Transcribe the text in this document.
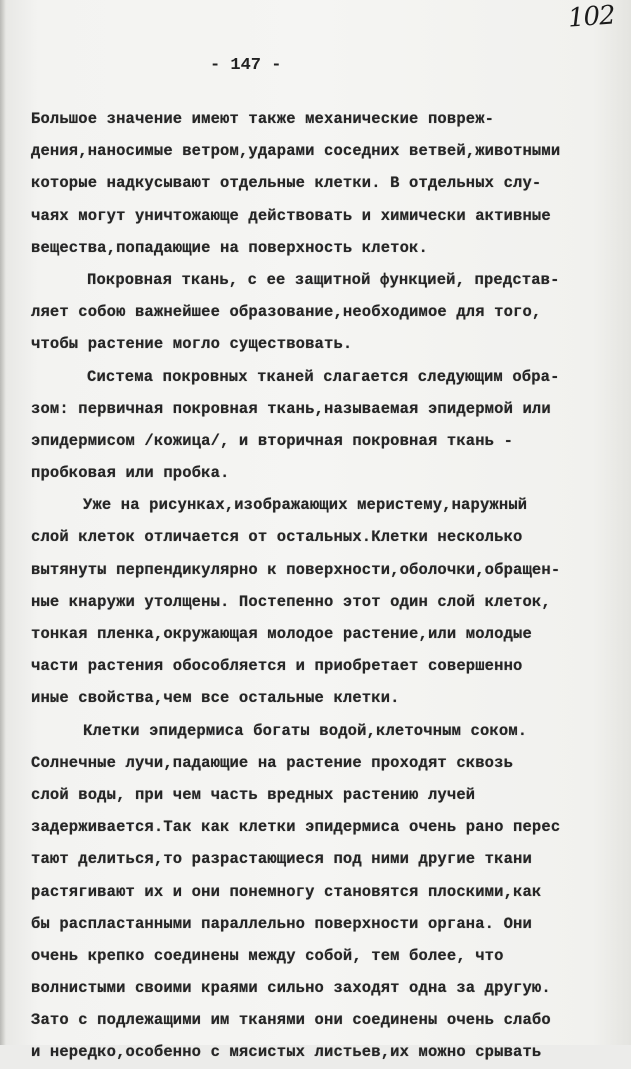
102
- 147 -
Большое значение имеют также механические повреж-
дения,наносимые ветром,ударами соседних ветвей,животными
которые надкусывают отдельные клетки. В отдельных слу-
чаях могут уничтожающе действовать и химически активные
вещества,попадающие на поверхность клеток.
Покровная ткань, с ее защитной функцией, представ-
ляет собою важнейшее образование,необходимое для того,
чтобы растение могло существовать.
Система покровных тканей слагается следующим обра-
зом: первичная покровная ткань,называемая эпидермой или
эпидермисом /кожица/, и вторичная покровная ткань -
пробковая или пробка.
Уже на рисунках,изображающих меристему,наружный
слой клеток отличается от остальных.Клетки несколько
вытянуты перпендикулярно к поверхности,оболочки,обращен-
ные кнаружи утолщены. Постепенно этот один слой клеток,
тонкая пленка,окружающая молодое растение,или молодые
части растения обособляется и приобретает совершенно
иные свойства,чем все остальные клетки.
Клетки эпидермиса богаты водой,клеточным соком.
Солнечные лучи,падающие на растение проходят сквозь
слой воды, при чем часть вредных растению лучей
задерживается.Так как клетки эпидермиса очень рано перес
тают делиться,то разрастающиеся под ними другие ткани
растягивают их и они понемногу становятся плоскими,как
бы распластанными параллельно поверхности органа. Они
очень крепко соединены между собой, тем более, что
волнистыми своими краями сильно заходят одна за другую.
Зато с подлежащими им тканями они соединены очень слабо
и нередко,особенно с мясистых листьев,их можно срывать
